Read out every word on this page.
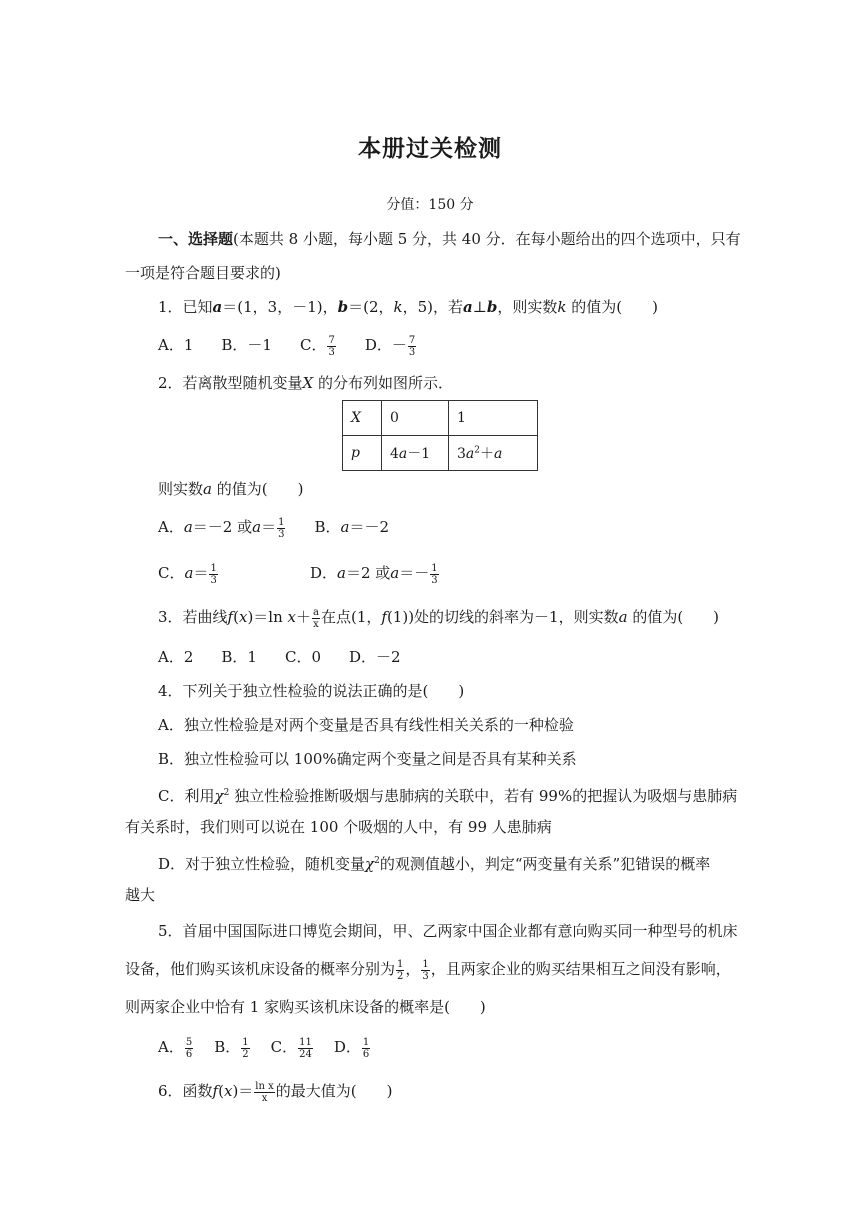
本册过关检测
分值：150 分
一、选择题(本题共 8 小题，每小题 5 分，共 40 分．在每小题给出的四个选项中，只有
一项是符合题目要求的)
1．已知a＝(1，3，－1)，b＝(2，k，5)，若a⊥b，则实数k 的值为(　　)
A．1 B．－1 C． $\frac{7}{3}$ D．－ $\frac{7}{3}$
2．若离散型随机变量X 的分布列如图所示．
X	0	1
p	4a－1	$3a^2+a$
则实数a 的值为(　　)
A．a＝－2 或$a= \frac{1}{3}$ B．a＝－2
C．$a= \frac{1}{3}$	D．a＝2 或$a=- \frac{1}{3}$
3．若曲线f(x)＝ln $x+ \frac{a}{x}$ 在点(1，f(1))处的切线的斜率为－1，则实数a 的值为(　　)
A．2 B．1 C．0 D．－2
4．下列关于独立性检验的说法正确的是(　　)
A．独立性检验是对两个变量是否具有线性相关关系的一种检验
B．独立性检验可以 100%确定两个变量之间是否具有某种关系
C．利用$\chi^2$ 独立性检验推断吸烟与患肺病的关联中，若有 99%的把握认为吸烟与患肺病
有关系时，我们则可以说在 100 个吸烟的人中，有 99 人患肺病
D．对于独立性检验，随机变量$\chi^2$的观测值越小，判定“两变量有关系”犯错误的概率
越大
5．首届中国国际进口博览会期间，甲、乙两家中国企业都有意向购买同一种型号的机床
设备，他们购买该机床设备的概率分别为 $\frac{1}{2}$ ， $\frac{1}{3}$ ，且两家企业的购买结果相互之间没有影响，
则两家企业中恰有 1 家购买该机床设备的概率是(　　)
A． $\frac{5}{6}$ B． $\frac{1}{2}$ C． $\frac{11}{24}$ D． $\frac{1}{6}$
6．函数$f(x)= \frac{\text{ln x}}{x}$ 的最大值为(　　)
